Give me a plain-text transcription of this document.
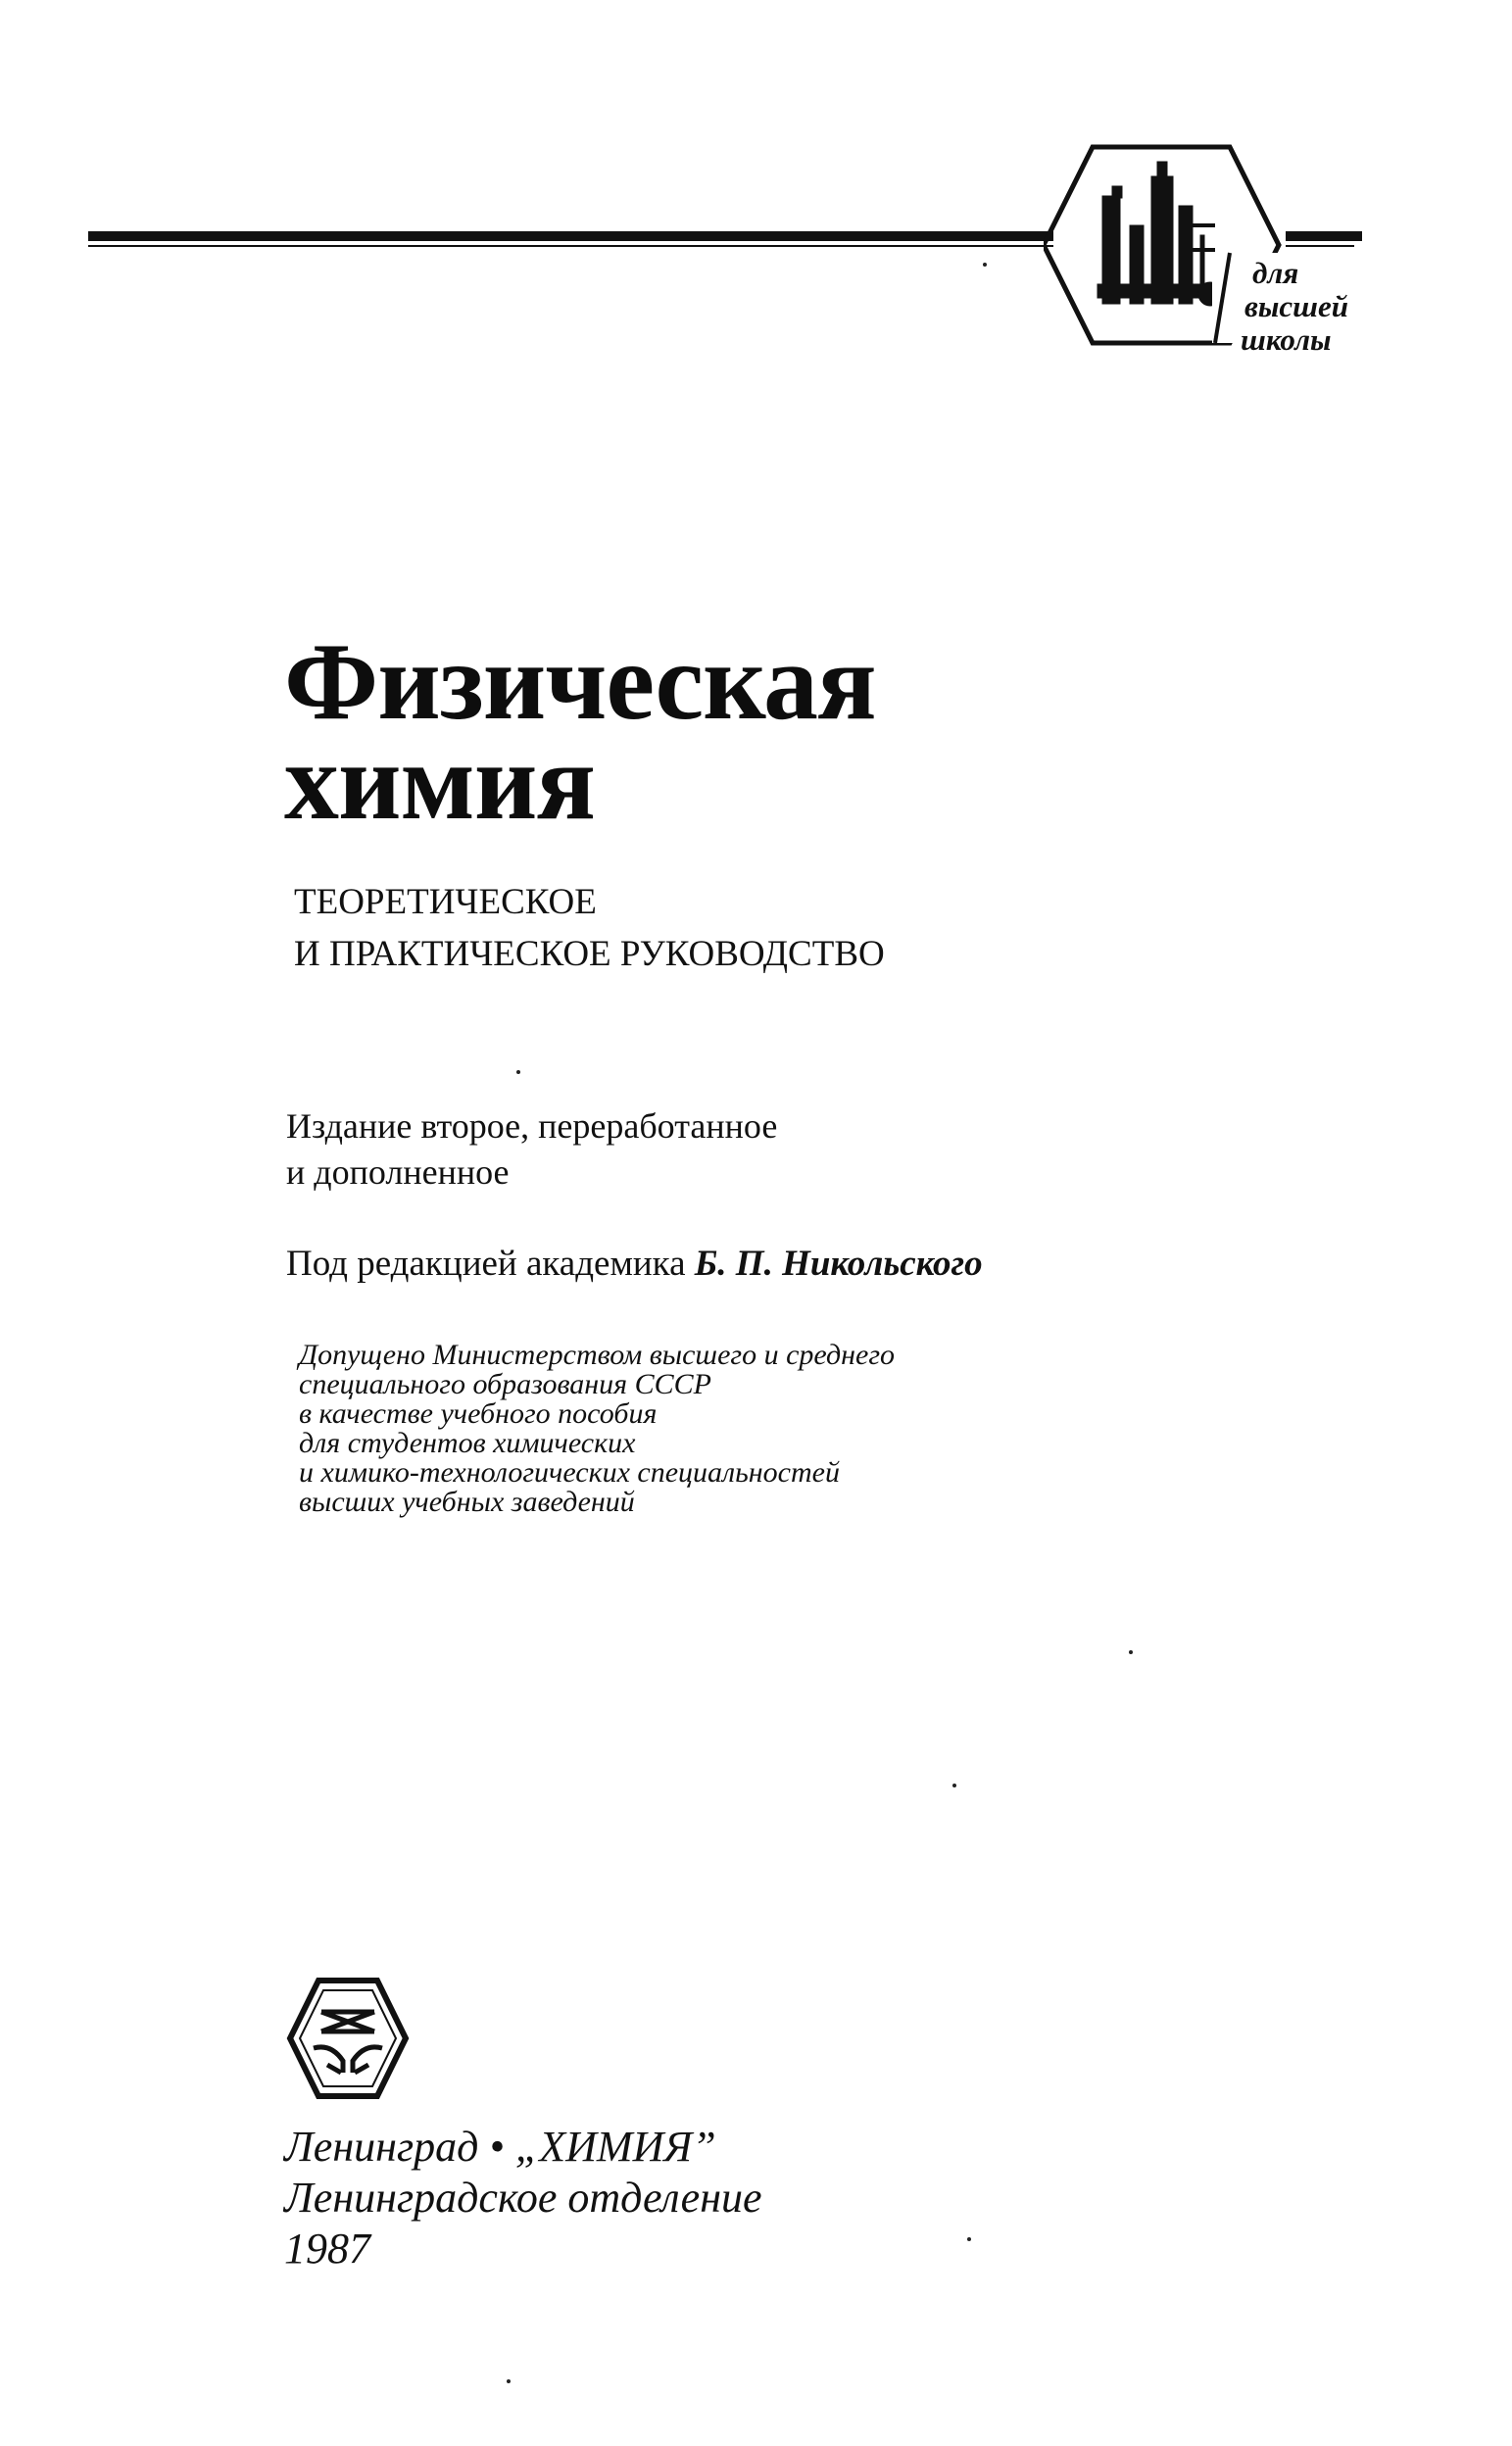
для
высшей
школы
Физическая
химия
ТЕОРЕТИЧЕСКОЕ
И ПРАКТИЧЕСКОЕ РУКОВОДСТВО
Издание второе, переработанное
и дополненное
Под редакцией академика Б. П. Никольского
Допущено Министерством высшего и среднего
специального образования СССР
в качестве учебного пособия
для студентов химических
и химико-технологических специальностей
высших учебных заведений
Ленинград • „ХИМИЯ”
Ленинградское отделение
1987
